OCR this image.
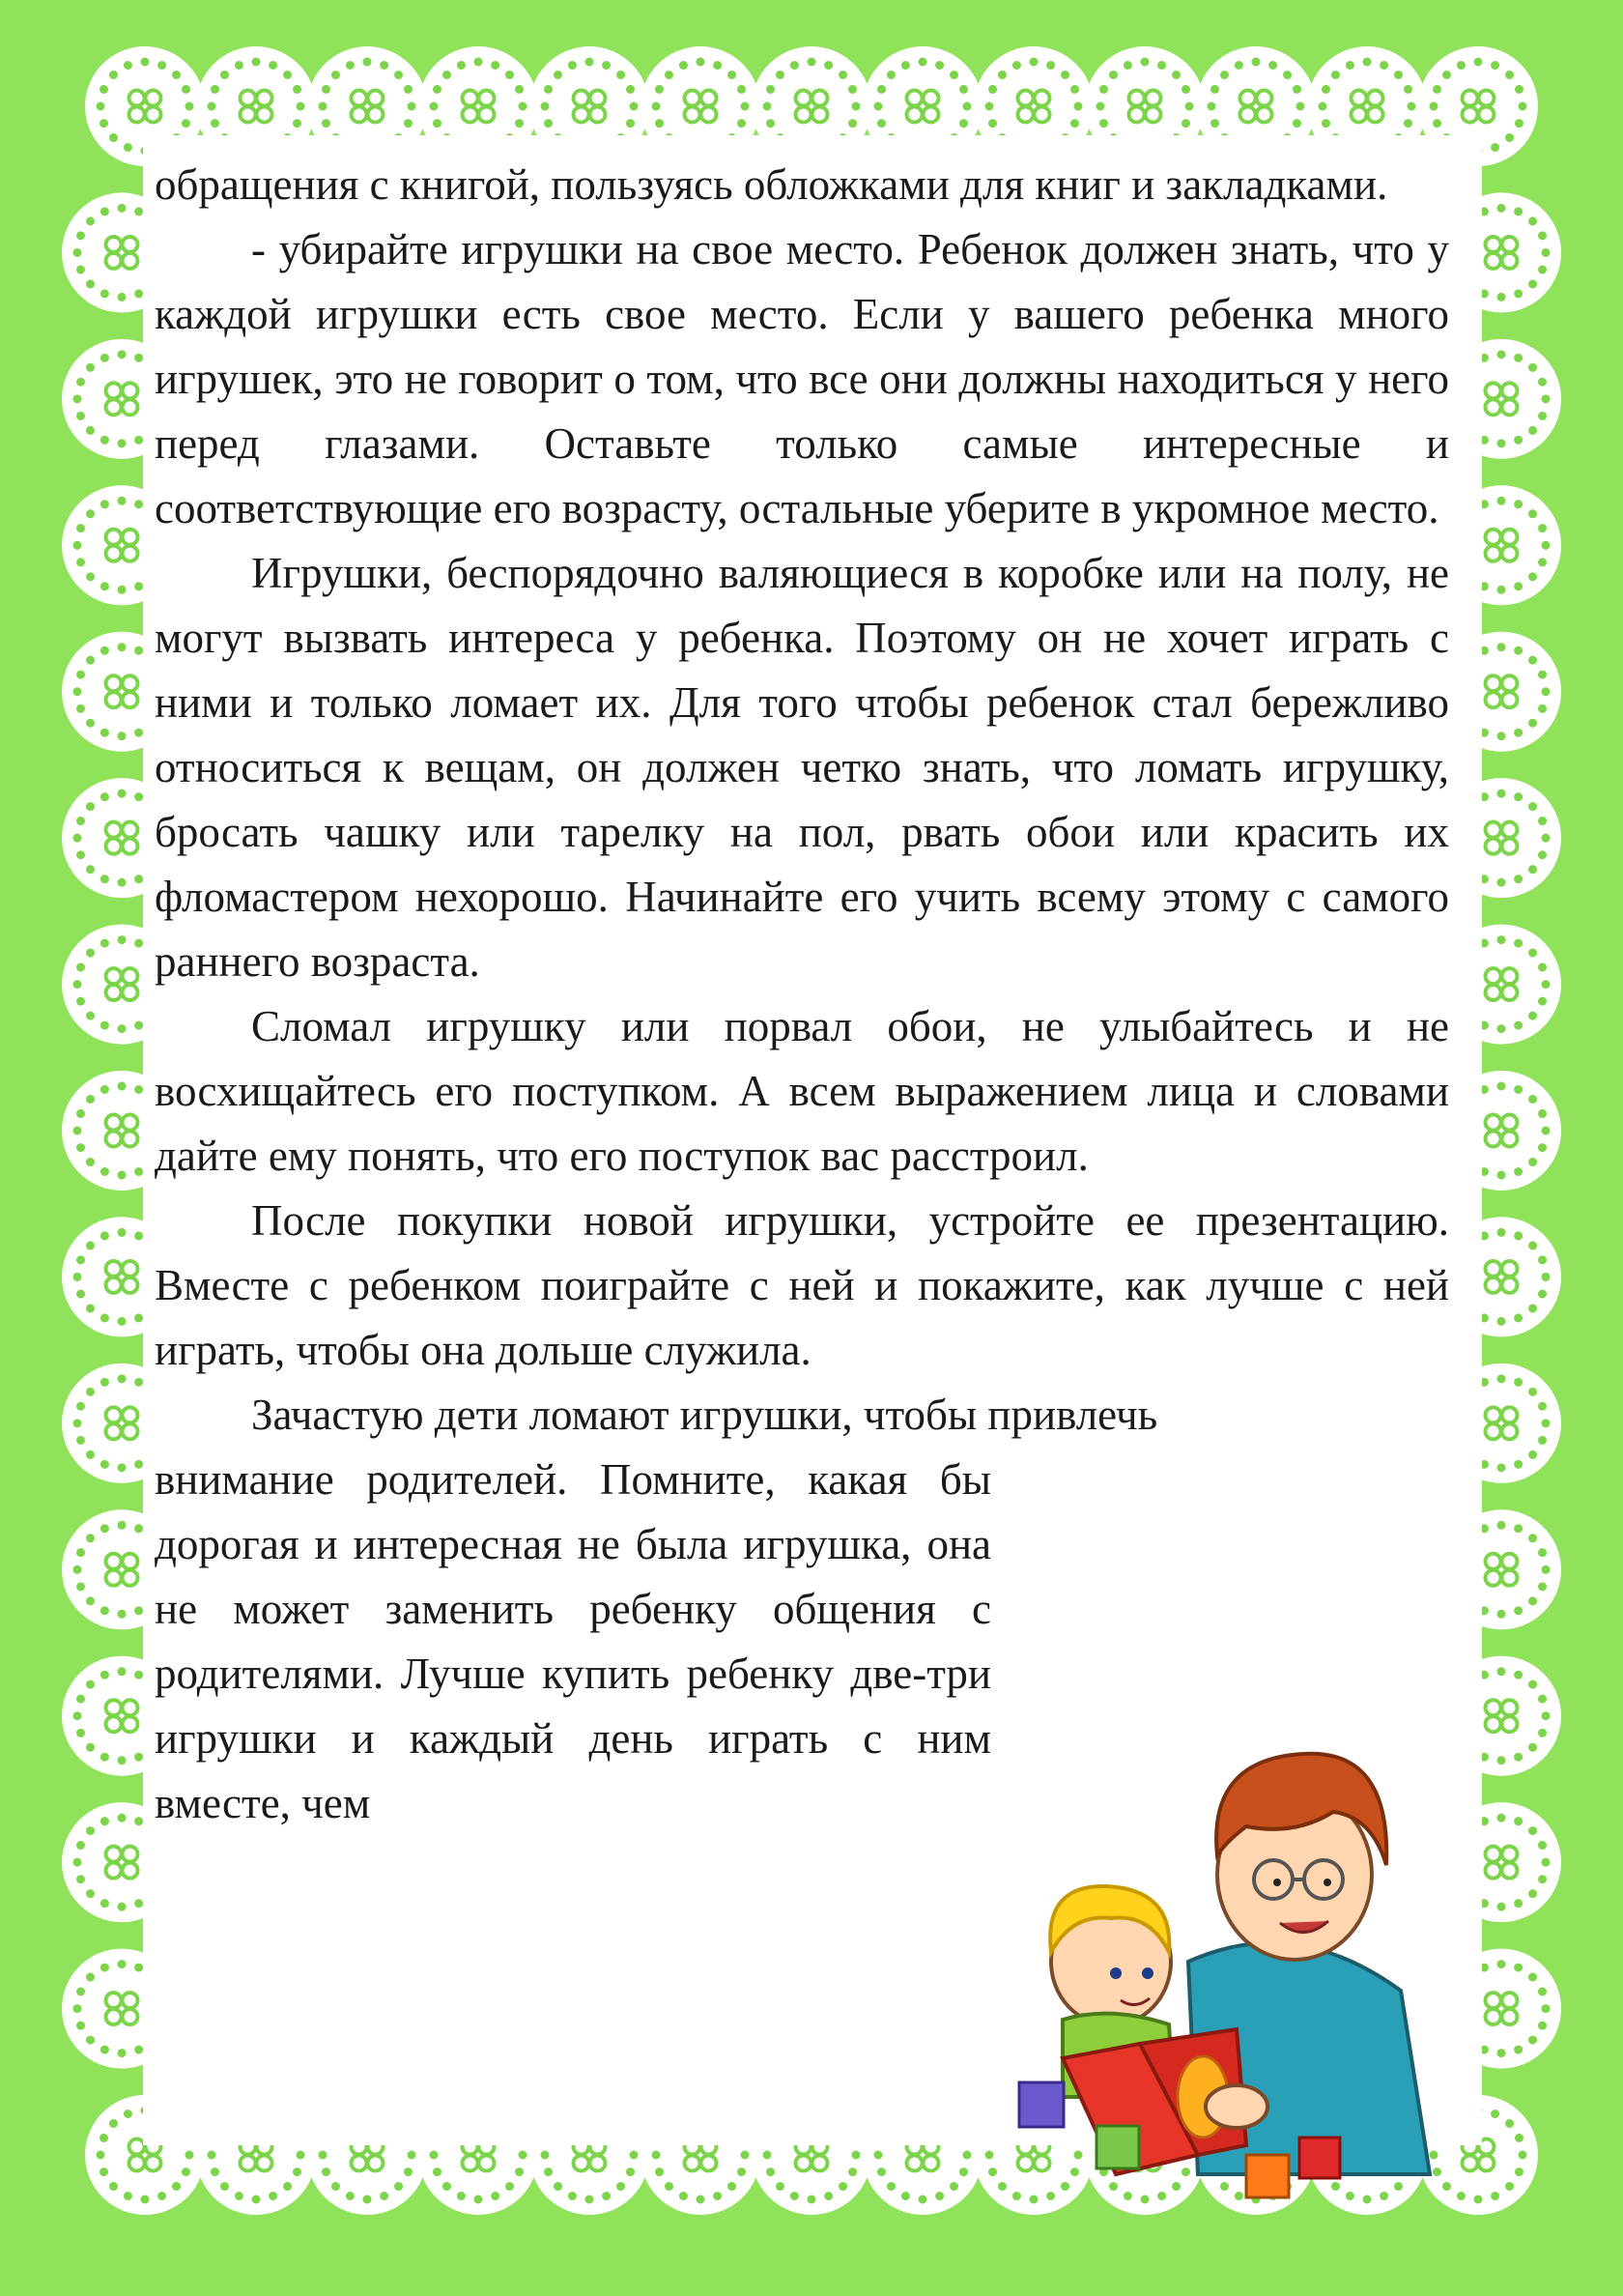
обращения с книгой, пользуясь обложками для книг и закладками.

- убирайте игрушки на свое место. Ребенок должен знать, что у каждой игрушки есть свое место. Если у вашего ребенка много игрушек, это не говорит о том, что все они должны находиться у него перед глазами. Оставьте только самые интересные и соответствующие его возрасту, остальные уберите в укромное место.

Игрушки, беспорядочно валяющиеся в коробке или на полу, не могут вызвать интереса у ребенка. Поэтому он не хочет играть с ними и только ломает их. Для того чтобы ребенок стал бережливо относиться к вещам, он должен четко знать, что ломать игрушку, бросать чашку или тарелку на пол, рвать обои или красить их фломастером нехорошо. Начинайте его учить всему этому с самого раннего возраста.

Сломал игрушку или порвал обои, не улыбайтесь и не восхищайтесь его поступком. А всем выражением лица и словами дайте ему понять, что его поступок вас расстроил.

После покупки новой игрушки, устройте ее презентацию. Вместе с ребенком поиграйте с ней и покажите, как лучше с ней играть, чтобы она дольше служила.

Зачастую дети ломают игрушки, чтобы привлечь

внимание родителей. Помните, какая бы дорогая и интересная не была игрушка, она не может заменить ребенку общения с родителями. Лучше купить ребенку две-три игрушки и каждый день играть с ним вместе, чем
